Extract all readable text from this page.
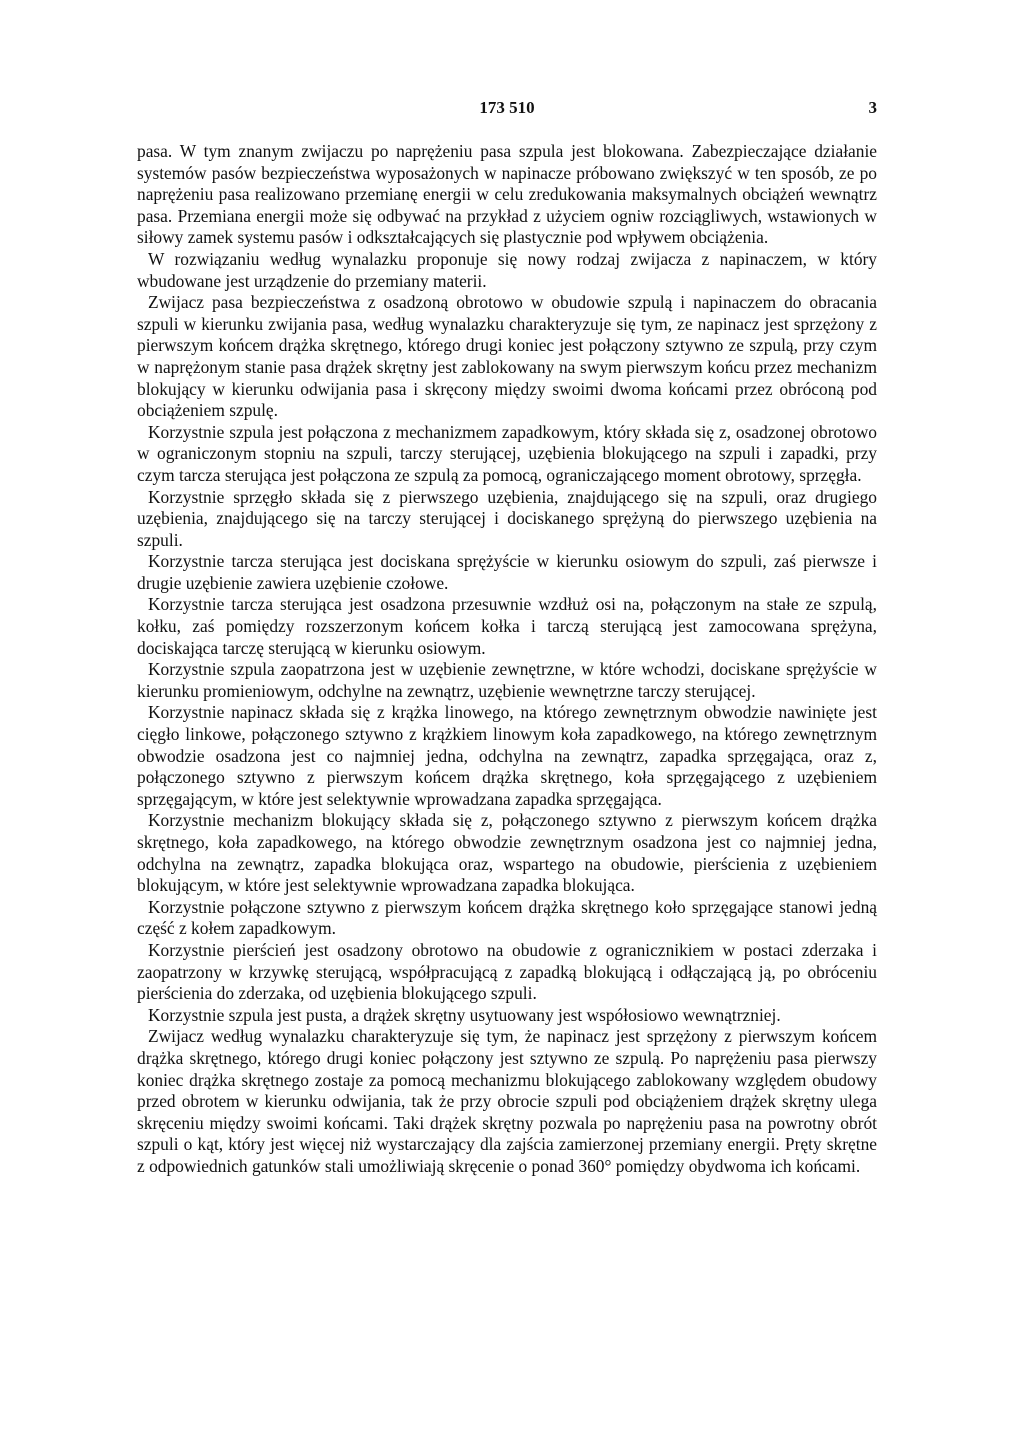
173 510	3

pasa. W tym znanym zwijaczu po naprężeniu pasa szpula jest blokowana. Zabezpieczające działanie systemów pasów bezpieczeństwa wyposażonych w napinacze próbowano zwiększyć w ten sposób, ze po naprężeniu pasa realizowano przemianę energii w celu zredukowania maksymalnych obciążeń wewnątrz pasa. Przemiana energii może się odbywać na przykład z użyciem ogniw rozciągliwych, wstawionych w siłowy zamek systemu pasów i odkształcających się plastycznie pod wpływem obciążenia.

W rozwiązaniu według wynalazku proponuje się nowy rodzaj zwijacza z napinaczem, w który wbudowane jest urządzenie do przemiany materii.

Zwijacz pasa bezpieczeństwa z osadzoną obrotowo w obudowie szpulą i napinaczem do obracania szpuli w kierunku zwijania pasa, według wynalazku charakteryzuje się tym, ze napinacz jest sprzężony z pierwszym końcem drążka skrętnego, którego drugi koniec jest połączony sztywno ze szpulą, przy czym w naprężonym stanie pasa drążek skrętny jest zablokowany na swym pierwszym końcu przez mechanizm blokujący w kierunku odwijania pasa i skręcony między swoimi dwoma końcami przez obróconą pod obciążeniem szpulę.

Korzystnie szpula jest połączona z mechanizmem zapadkowym, który składa się z, osadzonej obrotowo w ograniczonym stopniu na szpuli, tarczy sterującej, uzębienia blokującego na szpuli i zapadki, przy czym tarcza sterująca jest połączona ze szpulą za pomocą, ograniczającego moment obrotowy, sprzęgła.

Korzystnie sprzęgło składa się z pierwszego uzębienia, znajdującego się na szpuli, oraz drugiego uzębienia, znajdującego się na tarczy sterującej i dociskanego sprężyną do pierwszego uzębienia na szpuli.

Korzystnie tarcza sterująca jest dociskana sprężyście w kierunku osiowym do szpuli, zaś pierwsze i drugie uzębienie zawiera uzębienie czołowe.

Korzystnie tarcza sterująca jest osadzona przesuwnie wzdłuż osi na, połączonym na stałe ze szpulą, kołku, zaś pomiędzy rozszerzonym końcem kołka i tarczą sterującą jest zamocowana sprężyna, dociskająca tarczę sterującą w kierunku osiowym.

Korzystnie szpula zaopatrzona jest w uzębienie zewnętrzne, w które wchodzi, dociskane sprężyście w kierunku promieniowym, odchylne na zewnątrz, uzębienie wewnętrzne tarczy sterującej.

Korzystnie napinacz składa się z krążka linowego, na którego zewnętrznym obwodzie nawinięte jest cięgło linkowe, połączonego sztywno z krążkiem linowym koła zapadkowego, na którego zewnętrznym obwodzie osadzona jest co najmniej jedna, odchylna na zewnątrz, zapadka sprzęgająca, oraz z, połączonego sztywno z pierwszym końcem drążka skrętnego, koła sprzęgającego z uzębieniem sprzęgającym, w które jest selektywnie wprowadzana zapadka sprzęgająca.

Korzystnie mechanizm blokujący składa się z, połączonego sztywno z pierwszym końcem drążka skrętnego, koła zapadkowego, na którego obwodzie zewnętrznym osadzona jest co najmniej jedna, odchylna na zewnątrz, zapadka blokująca oraz, wspartego na obudowie, pierścienia z uzębieniem blokującym, w które jest selektywnie wprowadzana zapadka blokująca.

Korzystnie połączone sztywno z pierwszym końcem drążka skrętnego koło sprzęgające stanowi jedną część z kołem zapadkowym.

Korzystnie pierścień jest osadzony obrotowo na obudowie z ogranicznikiem w postaci zderzaka i zaopatrzony w krzywkę sterującą, współpracującą z zapadką blokującą i odłączającą ją, po obróceniu pierścienia do zderzaka, od uzębienia blokującego szpuli.

Korzystnie szpula jest pusta, a drążek skrętny usytuowany jest współosiowo wewnątrzniej.

Zwijacz według wynalazku charakteryzuje się tym, że napinacz jest sprzężony z pierwszym końcem drążka skrętnego, którego drugi koniec połączony jest sztywno ze szpulą. Po naprężeniu pasa pierwszy koniec drążka skrętnego zostaje za pomocą mechanizmu blokującego zablokowany względem obudowy przed obrotem w kierunku odwijania, tak że przy obrocie szpuli pod obciążeniem drążek skrętny ulega skręceniu między swoimi końcami. Taki drążek skrętny pozwala po naprężeniu pasa na powrotny obrót szpuli o kąt, który jest więcej niż wystarczający dla zajścia zamierzonej przemiany energii. Pręty skrętne z odpowiednich gatunków stali umożliwiają skręcenie o ponad 360° pomiędzy obydwoma ich końcami.
